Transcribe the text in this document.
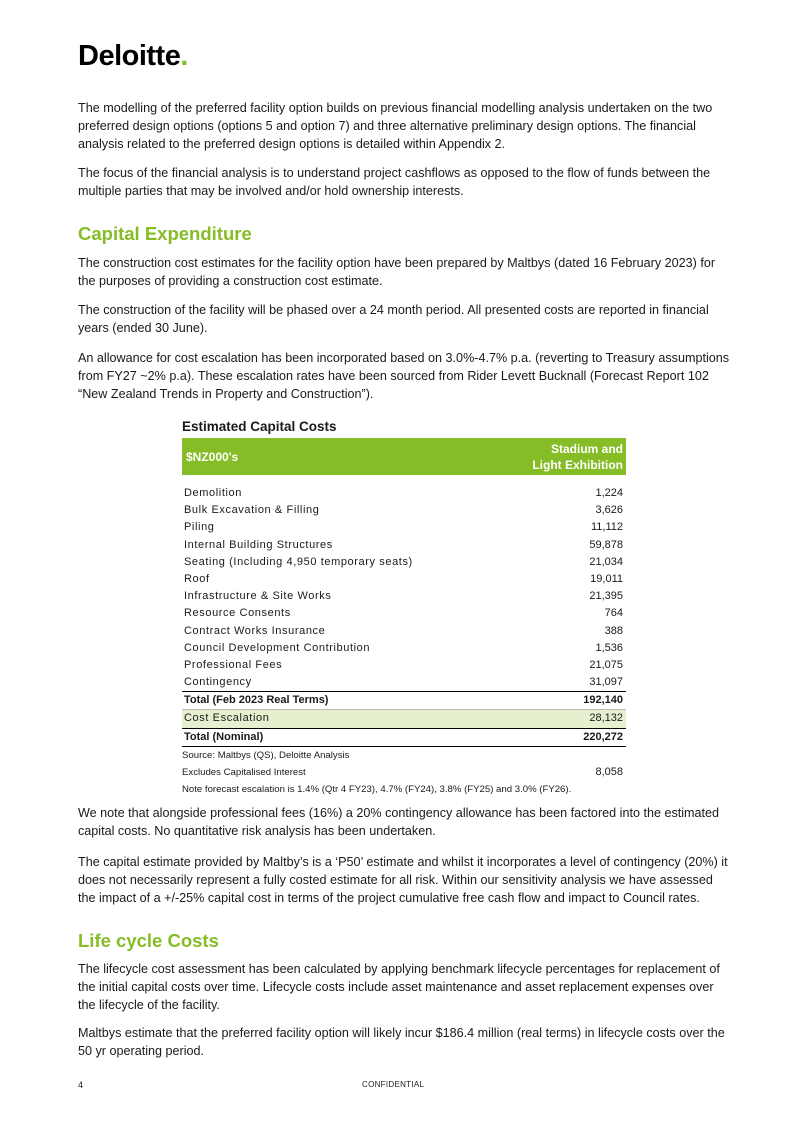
Deloitte.

The modelling of the preferred facility option builds on previous financial modelling analysis undertaken on the two preferred design options (options 5 and option 7) and three alternative preliminary design options. The financial analysis related to the preferred design options is detailed within Appendix 2.

The focus of the financial analysis is to understand project cashflows as opposed to the flow of funds between the multiple parties that may be involved and/or hold ownership interests.

Capital Expenditure

The construction cost estimates for the facility option have been prepared by Maltbys (dated 16 February 2023) for the purposes of providing a construction cost estimate.

The construction of the facility will be phased over a 24 month period. All presented costs are reported in financial years (ended 30 June).

An allowance for cost escalation has been incorporated based on 3.0%-4.7% p.a. (reverting to Treasury assumptions from FY27 ~2% p.a). These escalation rates have been sourced from Rider Levett Bucknall (Forecast Report 102 “New Zealand Trends in Property and Construction”).

Estimated Capital Costs
$NZ000's
Stadium and
Light Exhibition
Demolition	1,224
Bulk Excavation & Filling	3,626
Piling	11,112
Internal Building Structures	59,878
Seating (Including 4,950 temporary seats)	21,034
Roof	19,011
Infrastructure & Site Works	21,395
Resource Consents	764
Contract Works Insurance	388
Council Development Contribution	1,536
Professional Fees	21,075
Contingency	31,097
Total (Feb 2023 Real Terms)	192,140
Cost Escalation	28,132
Total (Nominal)	220,272
Source: Maltbys (QS), Deloitte Analysis
Excludes Capitalised Interest	8,058
Note forecast escalation is 1.4% (Qtr 4 FY23), 4.7% (FY24), 3.8% (FY25) and 3.0% (FY26).

We note that alongside professional fees (16%) a 20% contingency allowance has been factored into the estimated capital costs. No quantitative risk analysis has been undertaken.

The capital estimate provided by Maltby’s is a ‘P50’ estimate and whilst it incorporates a level of contingency (20%) it does not necessarily represent a fully costed estimate for all risk. Within our sensitivity analysis we have assessed the impact of a +/-25% capital cost in terms of the project cumulative free cash flow and impact to Council rates.

Life cycle Costs

The lifecycle cost assessment has been calculated by applying benchmark lifecycle percentages for replacement of the initial capital costs over time. Lifecycle costs include asset maintenance and asset replacement expenses over the lifecycle of the facility.

Maltbys estimate that the preferred facility option will likely incur $186.4 million (real terms) in lifecycle costs over the 50 yr operating period.

4	CONFIDENTIAL
